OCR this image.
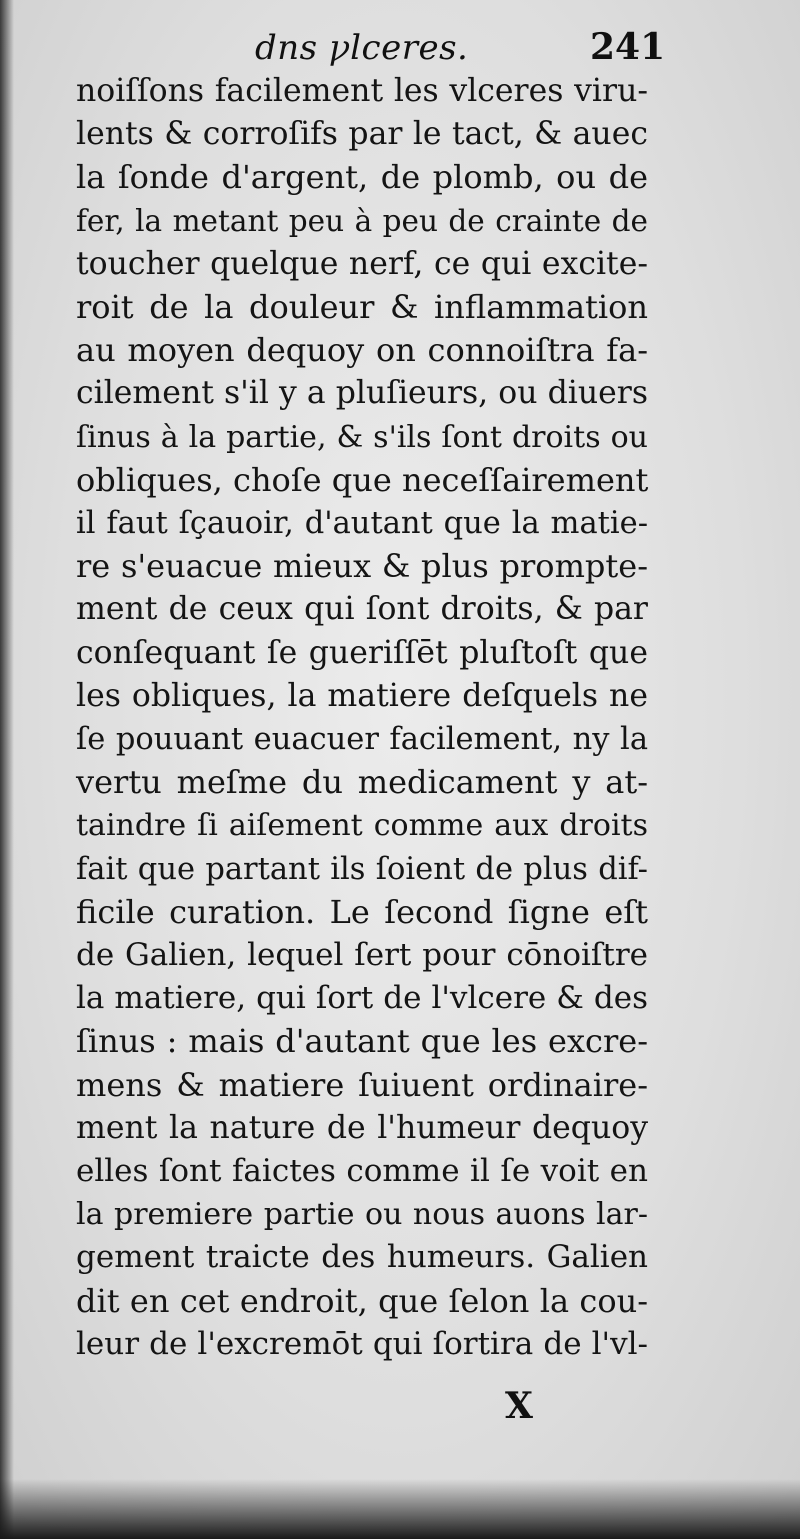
dns ꝩlceres.	241
noiſſons facilement les vlceres viru-
lents & corroſifs par le tact, & auec
la ſonde d'argent, de plomb, ou de
fer, la metant peu à peu de crainte de
toucher quelque nerf, ce qui excite-
roit de la douleur & inflammation
au moyen dequoy on connoiſtra fa-
cilement s'il y a pluſieurs, ou diuers
ſinus à la partie, & s'ils ſont droits ou
obliques, choſe que neceſſairement
il faut ſçauoir, d'autant que la matie-
re s'euacue mieux & plus prompte-
ment de ceux qui ſont droits, & par
conſequant ſe gueriſſēt pluſtoſt que
les obliques, la matiere deſquels ne
ſe pouuant euacuer facilement, ny la
vertu meſme du medicament y at-
taindre ſi aiſement comme aux droits
fait que partant ils ſoient de plus dif-
ficile curation. Le ſecond ſigne eſt
de Galien, lequel ſert pour cōnoiſtre
la matiere, qui ſort de l'vlcere & des
ſinus : mais d'autant que les excre-
mens & matiere ſuiuent ordinaire-
ment la nature de l'humeur dequoy
elles ſont faictes comme il ſe voit en
la premiere partie ou nous auons lar-
gement traicte des humeurs. Galien
dit en cet endroit, que ſelon la cou-
leur de l'excremōt qui ſortira de l'vl-
X
